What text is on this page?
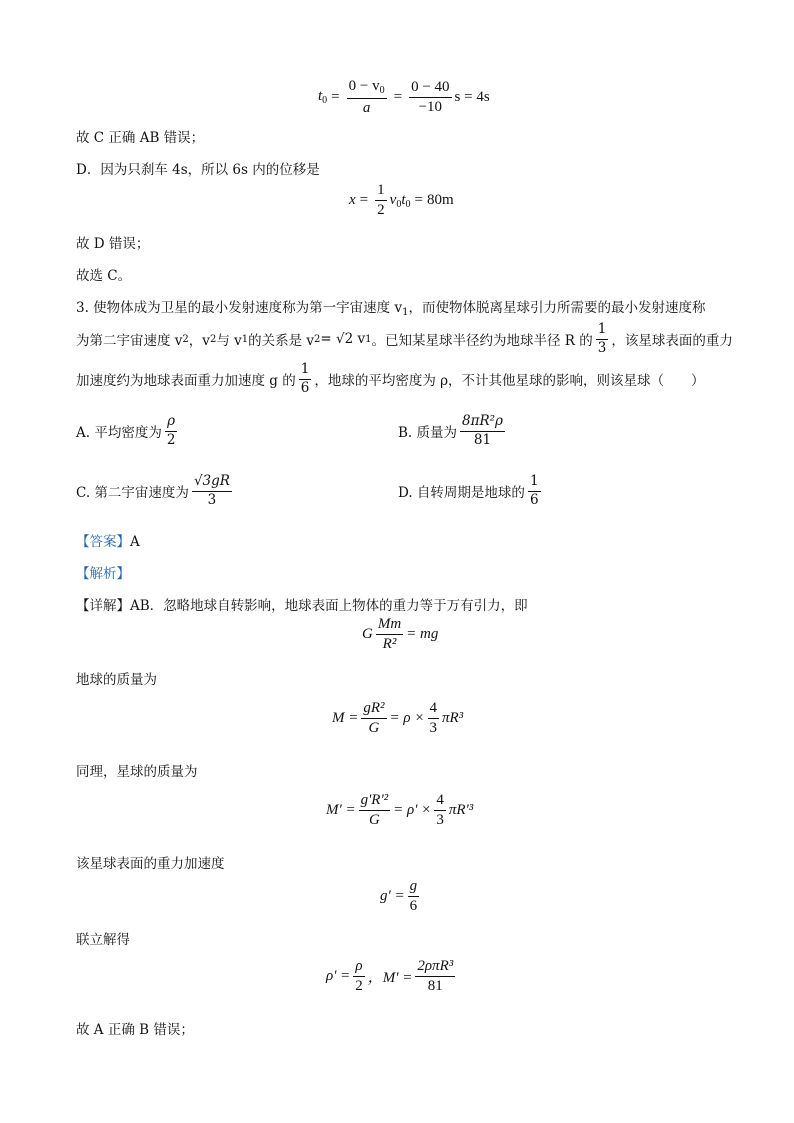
$t_0 = \frac{0 - v_0}{a} = \frac{0 - 40}{-10}$ s = 4s
故 C 正确 AB 错误；
D．因为只刹车 4s，所以 6s 内的位移是
$x = \frac{1}{2} v_0t_0 = 80m$
故 D 错误；
故选 C。
3. 使物体成为卫星的最小发射速度称为第一宇宙速度 $v_1$，而使物体脱离星球引力所需要的最小发射速度称
为第二宇宙速度 v 2 ，v 2 与 v 1 的关系是 v 2 = √2 v 1 。已知某星球半径约为地球半径 R 的 $\frac{1}{3}$ ，该星球表面的重力
加速度约为地球表面重力加速度 g 的 $\frac{1}{6}$ ，地球的平均密度为 ρ，不计其他星球的影响，则该星球（　　）
A. 平均密度为 $\frac{\rho}{2}$	B. 质量为 $\frac{\text{8πR²ρ}}{81}$
C. 第二宇宙速度为 $\frac{√3gR}{3}$	D. 自转周期是地球的 $\frac{1}{6}$
【答案】A
【解析】
【详解】AB．忽略地球自转影响，地球表面上物体的重力等于万有引力，即
G $\frac{Mm}{\text{R²}}$ = mg
地球的质量为
$M = \frac{\text{gR²}}{G} = \rho \times \frac{4}{3} \pi R^3$
同理，星球的质量为
$M' = \frac{\text{g'R'²}}{G} = \rho' \times \frac{4}{3} \pi R'^3$
该星球表面的重力加速度
$g' = \frac{g}{6}$
联立解得
$\rho' = \frac{\rho}{2}$ ，$M' = \frac{\text{2ρπR³}}{81}$
故 A 正确 B 错误；
